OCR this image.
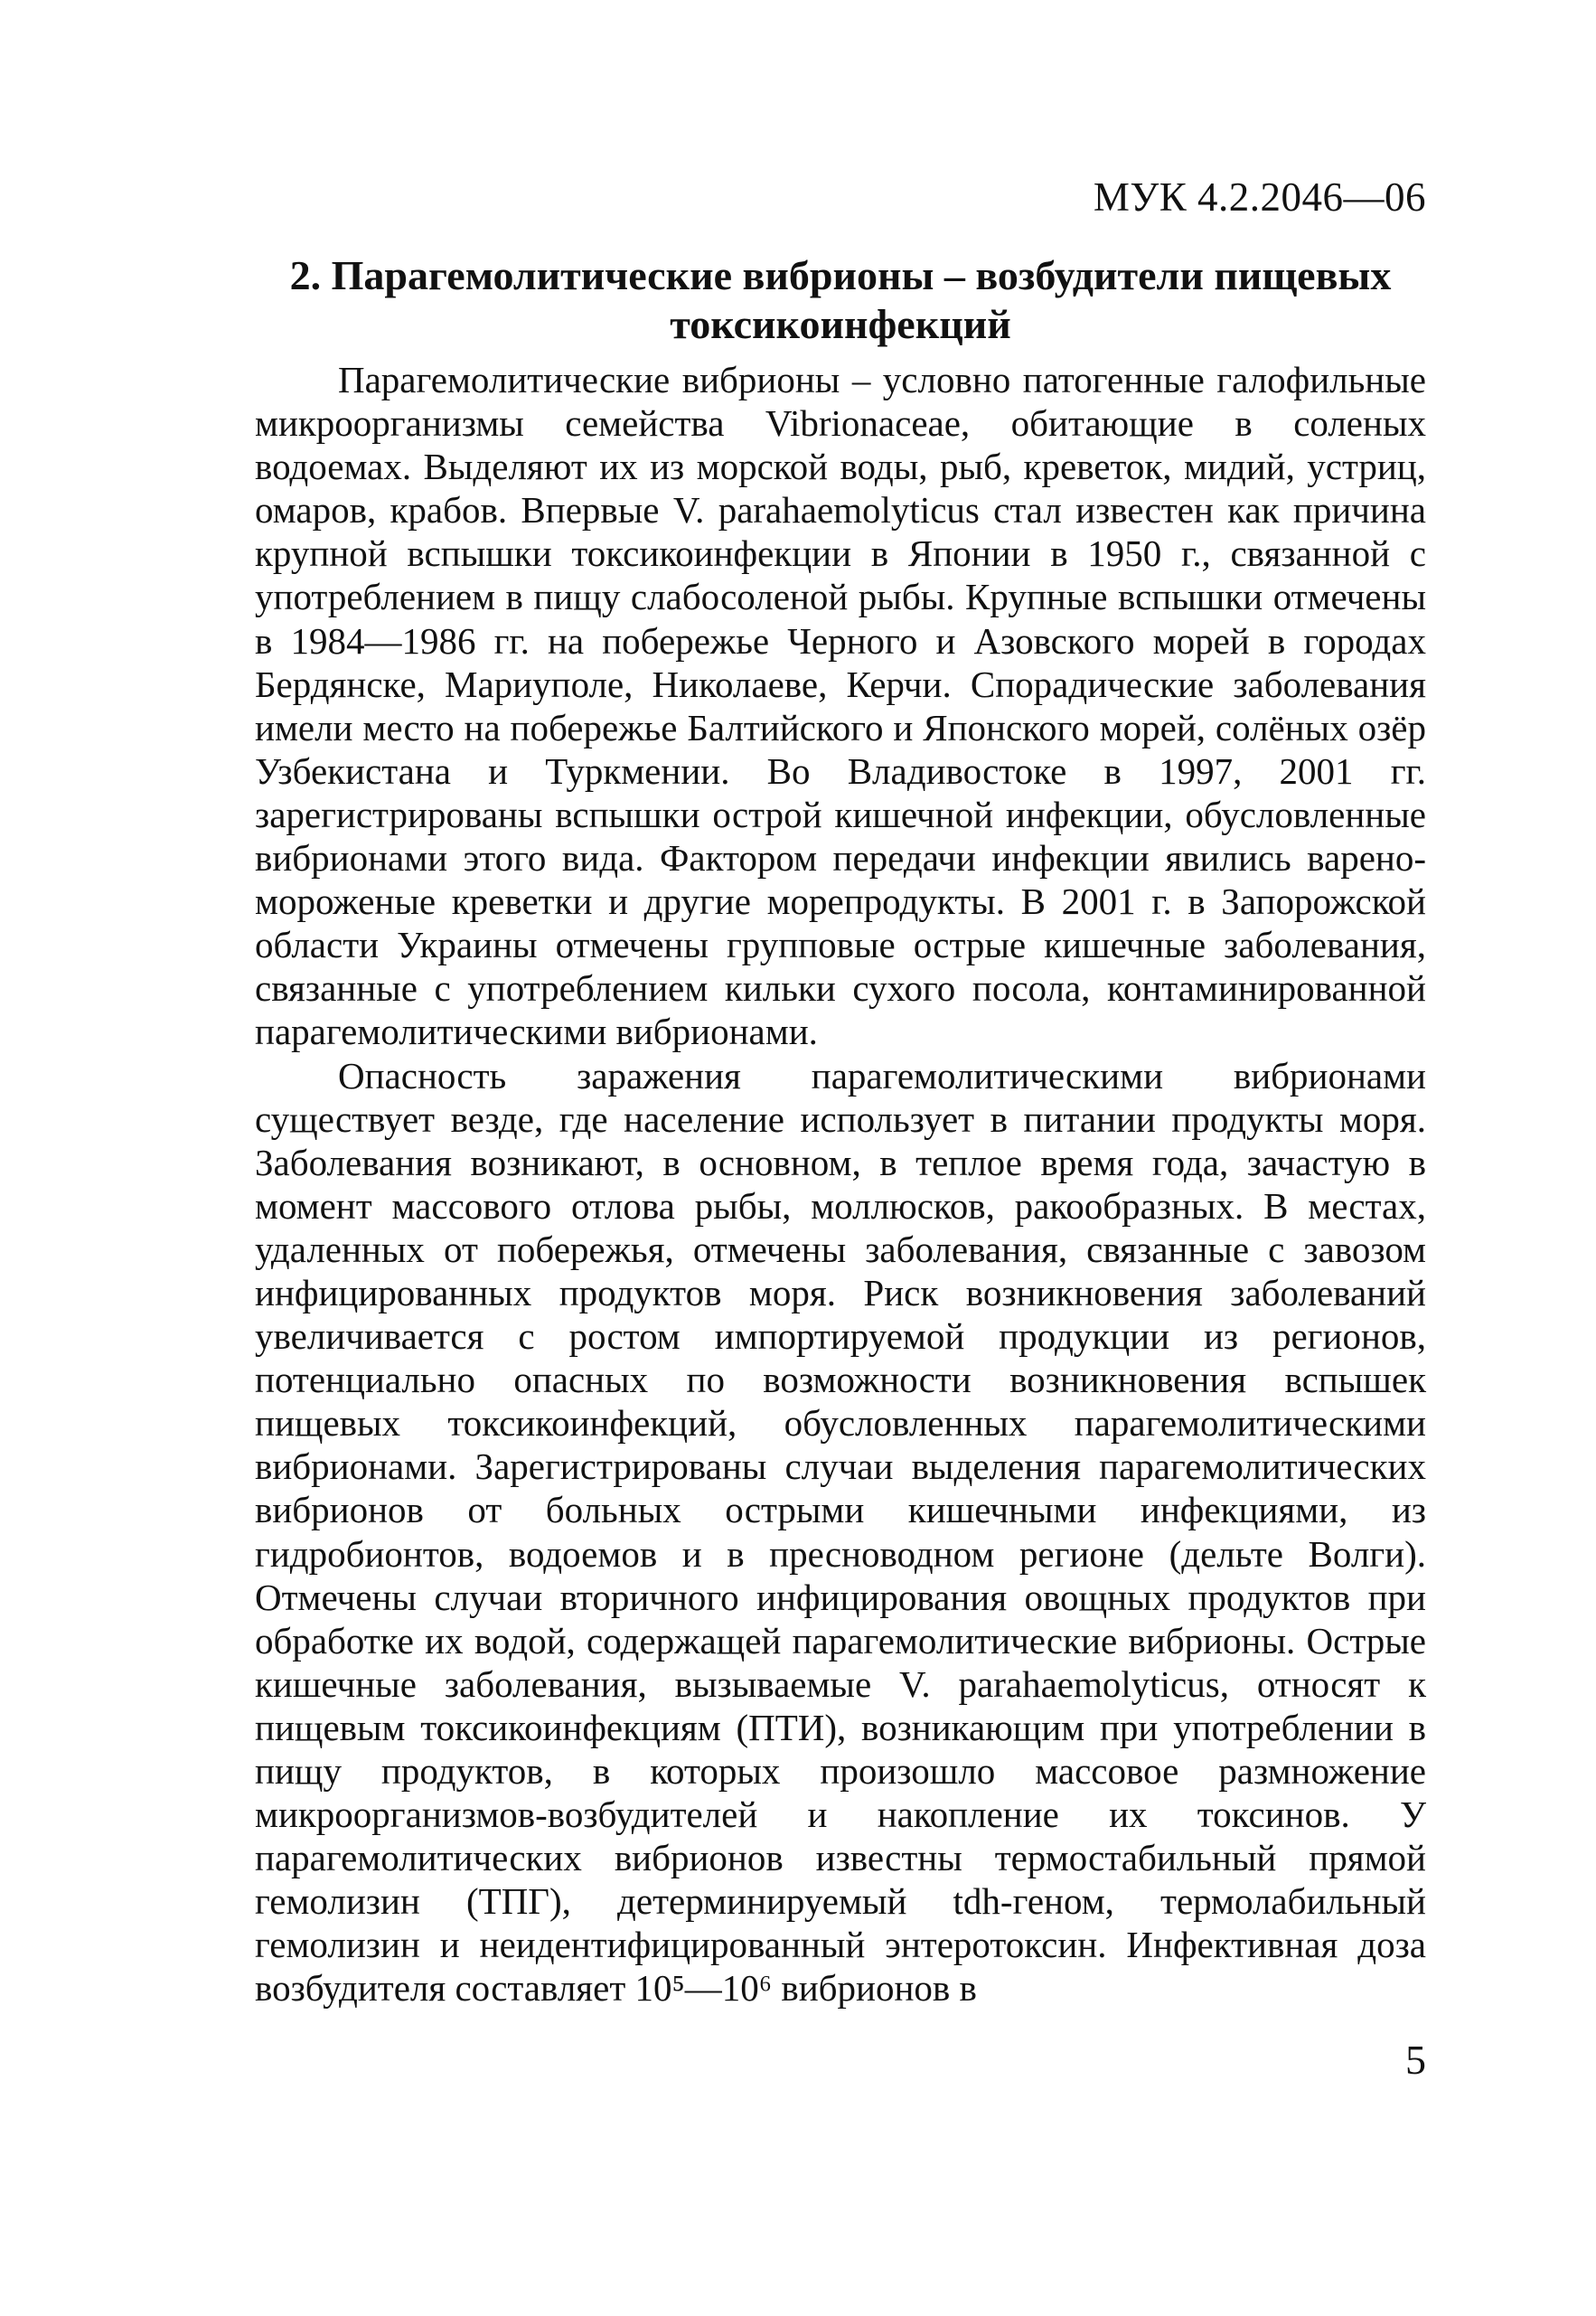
МУК 4.2.2046—06
2. Парагемолитические вибрионы – возбудители пищевых
токсикоинфекций

Парагемолитические вибрионы – условно патогенные галофильные микроорганизмы семейства Vibrionaceae, обитающие в соленых водоемах. Выделяют их из морской воды, рыб, креветок, мидий, устриц, омаров, крабов. Впервые V. parahaemolyticus стал известен как причина крупной вспышки токсикоинфекции в Японии в 1950 г., связанной с употреблением в пищу слабосоленой рыбы. Крупные вспышки отмечены в 1984—1986 гг. на побережье Черного и Азовского морей в городах Бердянске, Мариуполе, Николаеве, Керчи. Спорадические заболевания имели место на побережье Балтийского и Японского морей, солёных озёр Узбекистана и Туркмении. Во Владивостоке в 1997, 2001 гг. зарегистрированы вспышки острой кишечной инфекции, обусловленные вибрионами этого вида. Фактором передачи инфекции явились варено-мороженые креветки и другие морепродукты. В 2001 г. в Запорожской области Украины отмечены групповые острые кишечные заболевания, связанные с употреблением кильки сухого посола, контаминированной парагемолитическими вибрионами.

Опасность заражения парагемолитическими вибрионами существует везде, где население использует в питании продукты моря. Заболевания возникают, в основном, в теплое время года, зачастую в момент массового отлова рыбы, моллюсков, ракообразных. В местах, удаленных от побережья, отмечены заболевания, связанные с завозом инфицированных продуктов моря. Риск возникновения заболеваний увеличивается с ростом импортируемой продукции из регионов, потенциально опасных по возможности возникновения вспышек пищевых токсикоинфекций, обусловленных парагемолитическими вибрионами. Зарегистрированы случаи выделения парагемолитических вибрионов от больных острыми кишечными инфекциями, из гидробионтов, водоемов и в пресноводном регионе (дельте Волги). Отмечены случаи вторичного инфицирования овощных продуктов при обработке их водой, содержащей парагемолитические вибрионы. Острые кишечные заболевания, вызываемые V. parahaemolyticus, относят к пищевым токсикоинфекциям (ПТИ), возникающим при употреблении в пищу продуктов, в которых произошло массовое размножение микроорганизмов-возбудителей и накопление их токсинов. У парагемолитических вибрионов известны термостабильный прямой гемолизин (ТПГ), детерминируемый tdh-геном, термолабильный гемолизин и неидентифицированный энтеротоксин. Инфективная доза возбудителя составляет 10⁵—10⁶ вибрионов в

5
